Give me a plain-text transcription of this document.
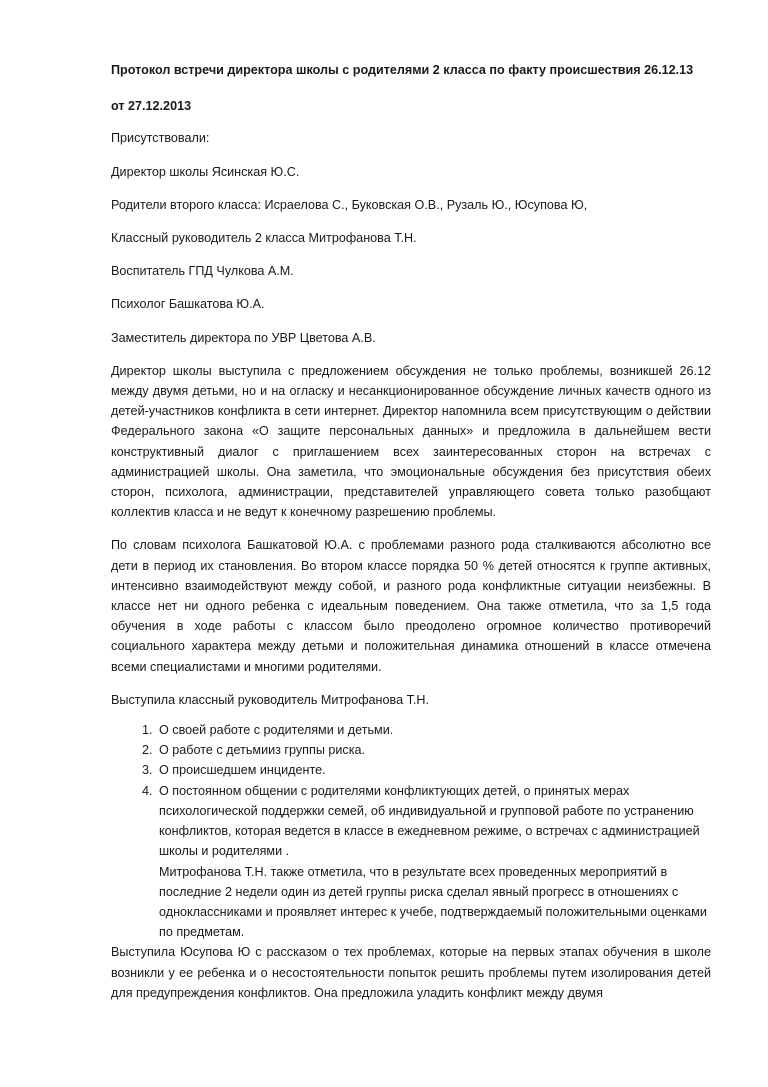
Протокол встречи директора школы с родителями 2 класса по факту происшествия 26.12.13

от 27.12.2013

Присутствовали:

Директор школы Ясинская Ю.С.

Родители второго класса: Исраелова С., Буковская О.В., Рузаль Ю., Юсупова Ю,

Классный руководитель 2 класса Митрофанова Т.Н.

Воспитатель ГПД Чулкова А.М.

Психолог Башкатова Ю.А.

Заместитель директора по УВР Цветова А.В.

Директор школы выступила с предложением обсуждения не только проблемы, возникшей 26.12 между двумя детьми, но и на огласку и несанкционированное обсуждение личных качеств одного из детей-участников конфликта в сети интернет. Директор напомнила всем присутствующим о действии Федерального закона «О защите персональных данных» и предложила в дальнейшем вести конструктивный диалог с приглашением всех заинтересованных сторон на встречах с администрацией школы. Она заметила, что эмоциональные обсуждения без присутствия обеих сторон, психолога, администрации, представителей управляющего совета только разобщают коллектив класса и не ведут к конечному разрешению проблемы.

По словам психолога Башкатовой Ю.А. с проблемами разного рода сталкиваются абсолютно все дети в период их становления. Во втором классе порядка 50 % детей относятся к группе активных, интенсивно взаимодействуют между собой, и разного рода конфликтные ситуации неизбежны. В классе нет ни одного ребенка с идеальным поведением. Она также отметила, что за 1,5 года обучения в ходе работы с классом было преодолено огромное количество противоречий социального характера между детьми и положительная динамика отношений в классе отмечена всеми специалистами и многими родителями.

Выступила классный руководитель Митрофанова Т.Н.

1. О своей работе с родителями и детьми.
2. О работе с детьмииз группы риска.
3. О происшедшем инциденте.
4. О постоянном общении с родителями конфликтующих детей, о принятых мерах психологической поддержки семей, об индивидуальной и групповой работе по устранению конфликтов, которая ведется в классе в ежедневном режиме, о встречах с администрацией школы и родителями .
Митрофанова Т.Н. также отметила, что в результате всех проведенных мероприятий в последние 2 недели один из детей группы риска сделал явный прогресс в отношениях с одноклассниками и проявляет интерес к учебе, подтверждаемый положительными оценками по предметам.

Выступила Юсупова Ю с рассказом о тех проблемах, которые на первых этапах обучения в школе возникли у ее ребенка и о несостоятельности попыток решить проблемы путем изолирования детей для предупреждения конфликтов. Она предложила уладить конфликт между двумя
